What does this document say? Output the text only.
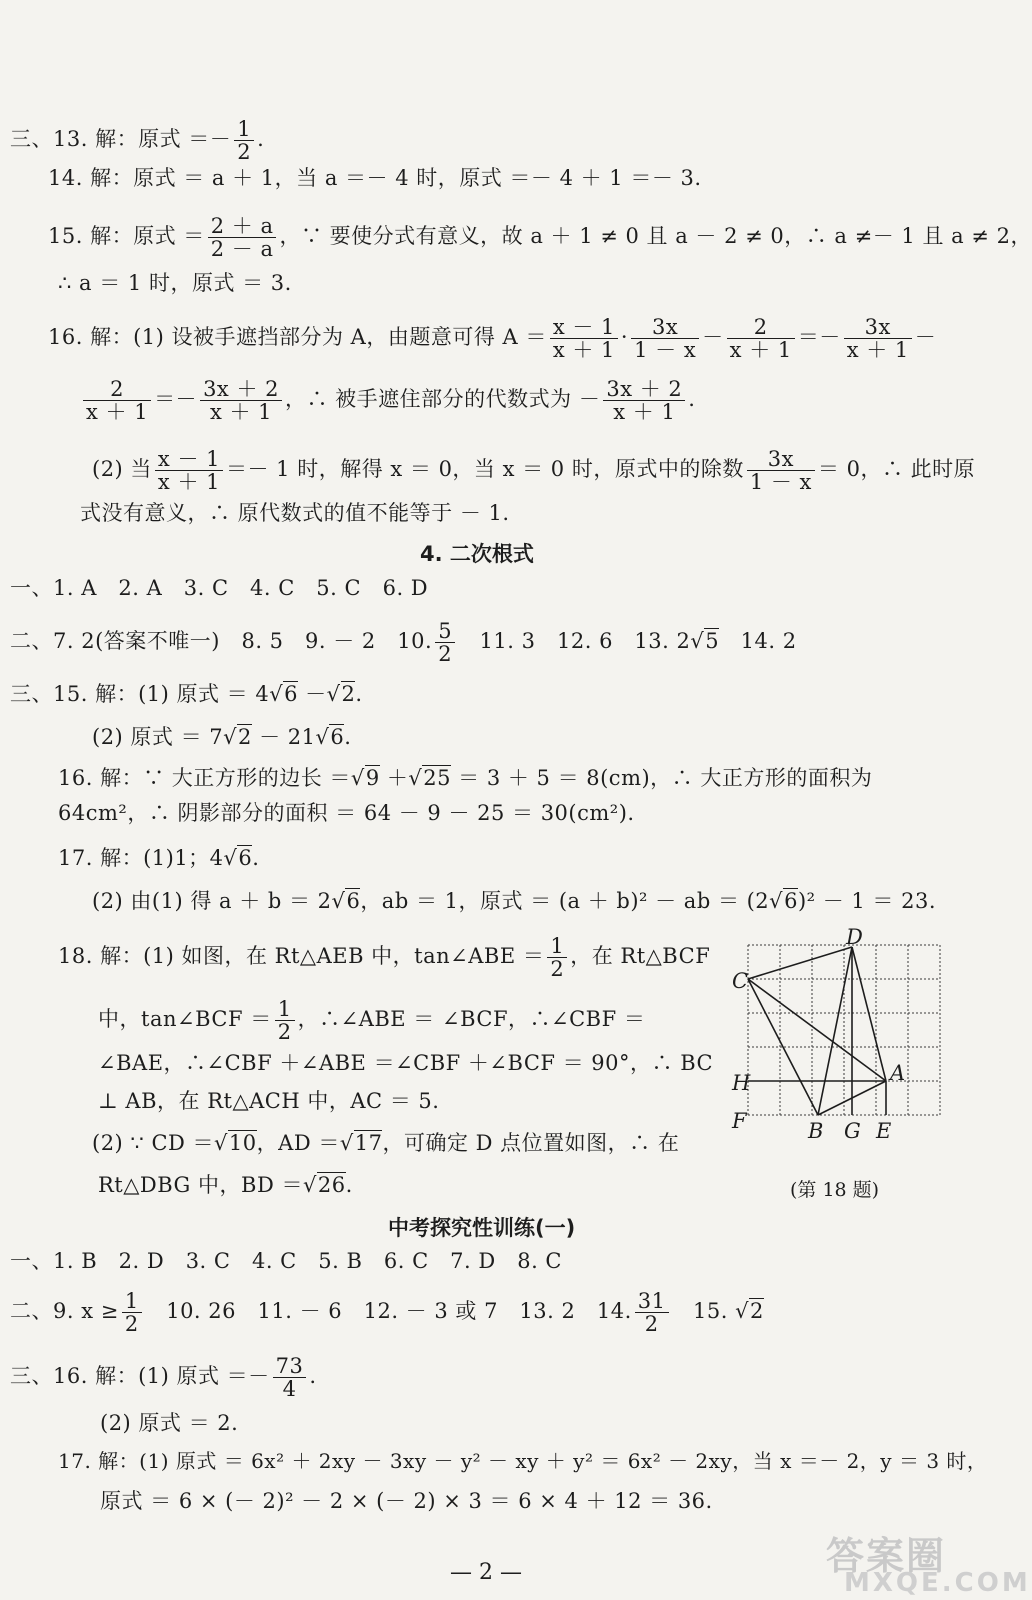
三、13. 解：原式 ＝－ $\frac{1}{2}$ .
14. 解：原式 ＝ a ＋ 1，当 a ＝－ 4 时，原式 ＝－ 4 ＋ 1 ＝－ 3.
15. 解：原式 ＝ $\frac{2 + a}{2 - a}$ ，∵ 要使分式有意义，故 a ＋ 1 ≠ 0 且 a － 2 ≠ 0，∴ a ≠－ 1 且 a ≠ 2，
∴ a ＝ 1 时，原式 ＝ 3.
16. 解：(1) 设被手遮挡部分为 A，由题意可得 $A = \frac{x - 1}{x + 1} \cdot \frac{3x}{1 - x} - \frac{2}{x + 1} =- \frac{3x}{x + 1}$ －
$\frac{2}{x + 1} =- \frac{3x + 2}{x + 1}$ ，∴ 被手遮住部分的代数式为 － $\frac{3x + 2}{x + 1}$ .
(2) 当 $\frac{x - 1}{x + 1} =- 1$ 时，解得 x ＝ 0，当 x ＝ 0 时，原式中的除数 $\frac{3x}{1 - x} = 0$，∴ 此时原
式没有意义，∴ 原代数式的值不能等于 － 1.
4. 二次根式
一、1. A　2. A　3. C　4. C　5. C　6. D
二、7. 2(答案不唯一)　8. 5　9. － 2　10. $\frac{5}{2}$ 　11. 3　12. 6　13. 2√5　14. 2
三、15. 解：(1) 原式 ＝ 4√6 －√2.
(2) 原式 ＝ 7√2 － 21√6.
16. 解：∵ 大正方形的边长 ＝√9 ＋√25 ＝ 3 ＋ 5 ＝ 8(cm)，∴ 大正方形的面积为
64cm²，∴ 阴影部分的面积 ＝ 64 － 9 － 25 ＝ 30(cm²).
17. 解：(1)1；4√6.
(2) 由(1) 得 a ＋ b ＝ 2√6，ab ＝ 1，原式 ＝ (a ＋ b)² － ab ＝ (2√6)² － 1 ＝ 23.
18. 解：(1) 如图，在 Rt△AEB 中，tan∠ABE ＝ $\frac{1}{2}$ ，在 Rt△BCF
中，tan∠BCF ＝ $\frac{1}{2}$ ，∴∠ABE ＝ ∠BCF，∴∠CBF ＝
∠BAE，∴∠CBF ＋∠ABE ＝∠CBF ＋∠BCF ＝ 90°，∴ BC
⊥ AB，在 Rt△ACH 中，AC ＝ 5.
(2) ∵ CD ＝√10，AD ＝√17，可确定 D 点位置如图，∴ 在
Rt△DBG 中，BD ＝√26.
D
C
H	A
F	B G E
(第 18 题)
中考探究性训练(一)
一、1. B　2. D　3. C　4. C　5. B　6. C　7. D　8. C
二、9. $x \ge \frac{1}{2}$ 　10. 26　11. － 6　12. － 3 或 7　13. 2　14. $\frac{31}{2}$ 　15. √2
三、16. 解：(1) 原式 ＝－ $\frac{73}{4}$ .
(2) 原式 ＝ 2.
17. 解：(1) 原式 ＝ 6x² ＋ 2xy － 3xy － y² － xy ＋ y² ＝ 6x² － 2xy，当 x ＝－ 2，y ＝ 3 时，
原式 ＝ 6 × (－ 2)² － 2 × (－ 2) × 3 ＝ 6 × 4 ＋ 12 ＝ 36.
— 2 —	答案圈
MXQE.COM
